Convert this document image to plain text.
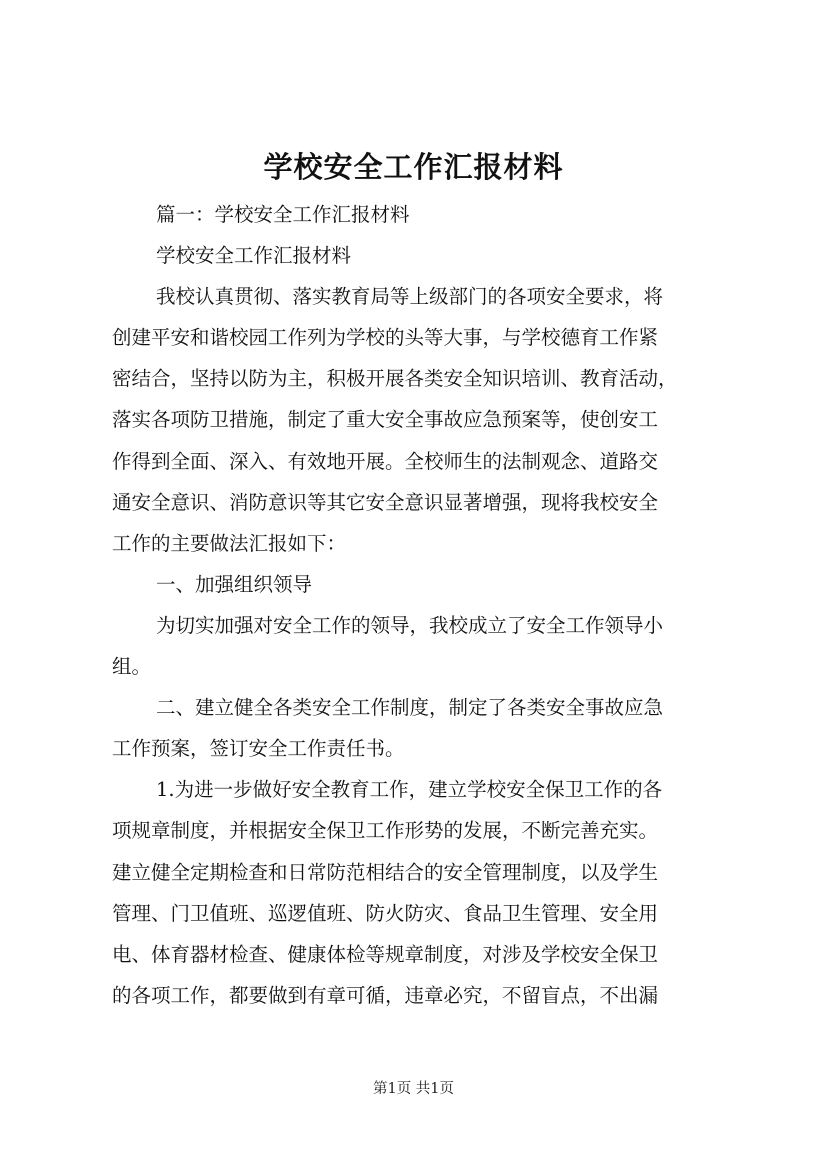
学校安全工作汇报材料
篇一：学校安全工作汇报材料
学校安全工作汇报材料
我校认真贯彻、落实教育局等上级部门的各项安全要求，将
创建平安和谐校园工作列为学校的头等大事，与学校德育工作紧
密结合，坚持以防为主，积极开展各类安全知识培训、教育活动，
落实各项防卫措施，制定了重大安全事故应急预案等，使创安工
作得到全面、深入、有效地开展。全校师生的法制观念、道路交
通安全意识、消防意识等其它安全意识显著增强，现将我校安全
工作的主要做法汇报如下：
一、加强组织领导
为切实加强对安全工作的领导，我校成立了安全工作领导小
组。
二、建立健全各类安全工作制度，制定了各类安全事故应急
工作预案，签订安全工作责任书。
1.为进一步做好安全教育工作，建立学校安全保卫工作的各
项规章制度，并根据安全保卫工作形势的发展，不断完善充实。
建立健全定期检查和日常防范相结合的安全管理制度，以及学生
管理、门卫值班、巡逻值班、防火防灾、食品卫生管理、安全用
电、体育器材检查、健康体检等规章制度，对涉及学校安全保卫
的各项工作，都要做到有章可循，违章必究，不留盲点，不出漏
第1页 共1页
